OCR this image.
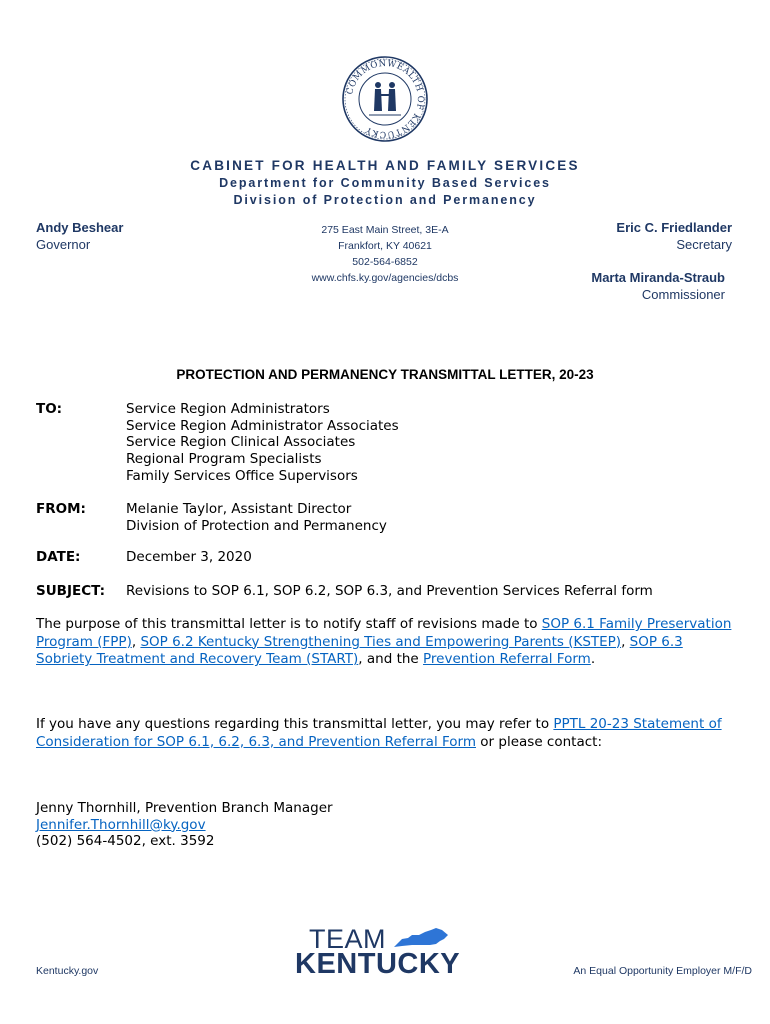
COMMONWEALTH OF KENTUCKY
CABINET FOR HEALTH AND FAMILY SERVICES
Department for Community Based Services
Division of Protection and Permanency
Andy Beshear
Governor
275 East Main Street, 3E-A
Frankfort, KY 40621
502-564-6852
www.chfs.ky.gov/agencies/dcbs
Eric C. Friedlander
Secretary
Marta Miranda-Straub
Commissioner
PROTECTION AND PERMANENCY TRANSMITTAL LETTER, 20-23
TO:	Service Region Administrators
Service Region Administrator Associates
Service Region Clinical Associates
Regional Program Specialists
Family Services Office Supervisors
FROM:	Melanie Taylor, Assistant Director
Division of Protection and Permanency
DATE:	December 3, 2020
SUBJECT: Revisions to SOP 6.1, SOP 6.2, SOP 6.3, and Prevention Services Referral form
The purpose of this transmittal letter is to notify staff of revisions made to SOP 6.1 Family Preservation Program (FPP), SOP 6.2 Kentucky Strengthening Ties and Empowering Parents (KSTEP), SOP 6.3 Sobriety Treatment and Recovery Team (START), and the Prevention Referral Form.
If you have any questions regarding this transmittal letter, you may refer to PPTL 20-23 Statement of Consideration for SOP 6.1, 6.2, 6.3, and Prevention Referral Form or please contact:
Jenny Thornhill, Prevention Branch Manager
Jennifer.Thornhill@ky.gov
(502) 564-4502, ext. 3592
Kentucky.gov
TEAM
KENTUCKY	An Equal Opportunity Employer M/F/D
